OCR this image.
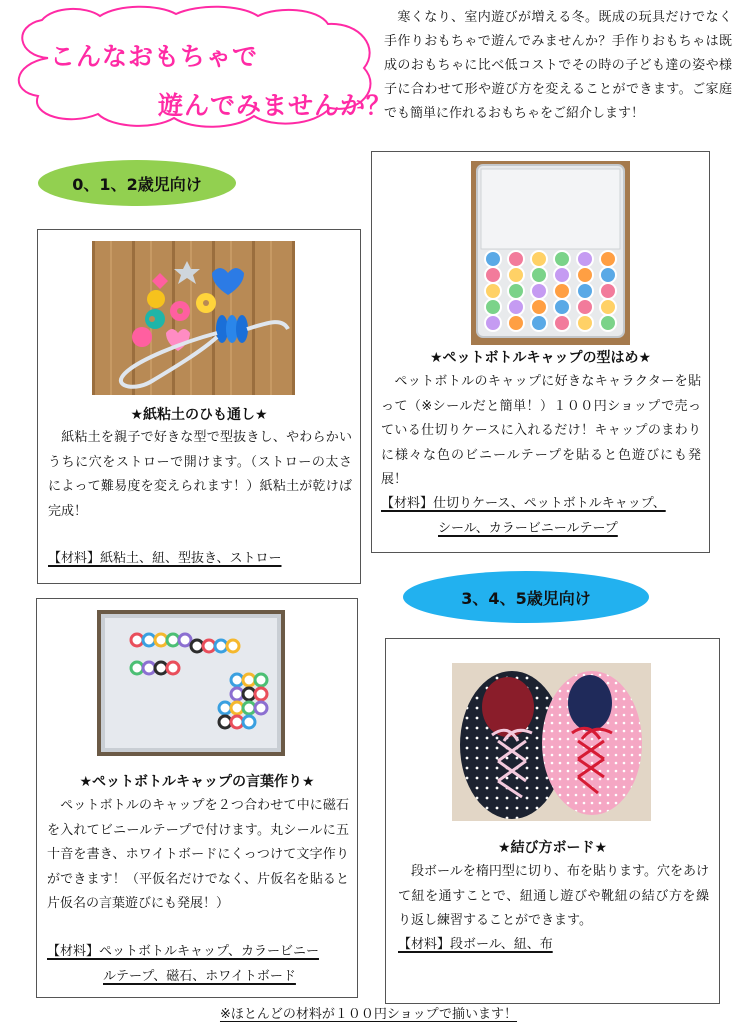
こんなおもちゃで
遊んでみませんか？
　寒くなり、室内遊びが増える冬。既成の玩具だけでなく手作りおもちゃで遊んでみませんか？手作りおもちゃは既成のおもちゃに比べ低コストでその時の子ども達の姿や様子に合わせて形や遊び方を変えることができます。ご家庭でも簡単に作れるおもちゃをご紹介します！
0、1、2歳児向け
3、4、5歳児向け
★紙粘土のひも通し★
　紙粘土を親子で好きな型で型抜きし、やわらかいうちに穴をストローで開けます。（ストローの太さによって難易度を変えられます！）紙粘土が乾けば完成！
【材料】紙粘土、紐、型抜き、ストロー
★ペットボトルキャップの型はめ★
　ペットボトルのキャップに好きなキャラクターを貼って（※シールだと簡単！）１００円ショップで売っている仕切りケースに入れるだけ！キャップのまわりに様々な色のビニールテープを貼ると色遊びにも発展！
【材料】仕切りケース、ペットボトルキャップ、
シール、カラービニールテープ
★ペットボトルキャップの言葉作り★
　ペットボトルのキャップを２つ合わせて中に磁石を入れてビニールテープで付けます。丸シールに五十音を書き、ホワイトボードにくっつけて文字作りができます！（平仮名だけでなく、片仮名を貼ると片仮名の言葉遊びにも発展！）
【材料】ペットボトルキャップ、カラービニー
ルテープ、磁石、ホワイトボード
★結び方ボード★
　段ボールを楕円型に切り、布を貼ります。穴をあけて紐を通すことで、紐通し遊びや靴紐の結び方を繰り返し練習することができます。
【材料】段ボール、紐、布
※ほとんどの材料が１００円ショップで揃います！
